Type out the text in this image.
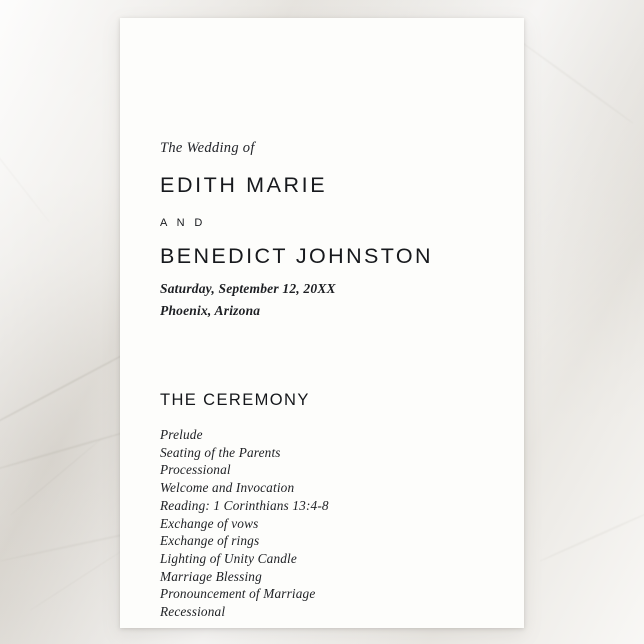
The Wedding of
EDITH MARIE
A N D
BENEDICT JOHNSTON
Saturday, September 12, 20XX
Phoenix, Arizona
THE CEREMONY
Prelude
Seating of the Parents
Processional
Welcome and Invocation
Reading: 1 Corinthians 13:4-8
Exchange of vows
Exchange of rings
Lighting of Unity Candle
Marriage Blessing
Pronouncement of Marriage
Recessional
